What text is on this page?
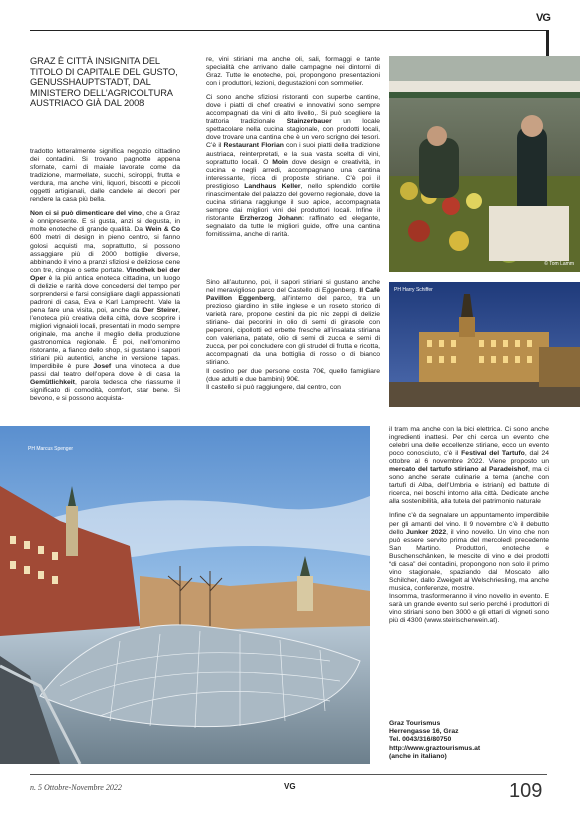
VG
GRAZ È CITTÀ INSIGNITA DEL TITOLO DI CAPITALE DEL GUSTO, GENUSSHAUPTSTADT, DAL MINISTERO DELL’AGRICOLTURA AUSTRIACO GIÀ DAL 2008

tradotto letteralmente significa negozio cittadino dei contadini. Si trovano pagnotte appena sfornate, carni di maiale lavorate come da tradizione, marmellate, succhi, sciroppi, frutta e verdura, ma anche vini, liquori, biscotti e piccoli oggetti artigianali, dalle candele ai decori per rendere la casa più bella.

Non ci si può dimenticare del vino, che a Graz è onnipresente. E si gusta, anzi si degusta, in molte enoteche di grande qualità. Da Wein & Co 600 metri di design in pieno centro, si fanno golosi acquisti ma, soprattutto, si possono assaggiare più di 2000 bottiglie diverse, abbinando il vino a pranzi sfiziosi e deliziose cene con tre, cinque o sette portate. Vinothek bei der Oper è la più antica enoteca cittadina, un luogo di delizie e rarità dove concedersi del tempo per sorprendersi e farsi consigliare dagli appassionati padroni di casa, Eva e Karl Lamprecht. Vale la pena fare una visita, poi, anche da Der Steirer, l’enoteca più creativa della città, dove scoprire i migliori vignaioli locali, presentati in modo sempre originale, ma anche il meglio della produzione gastronomica regionale. È poi, nell’omonimo ristorante, a fianco dello shop, si gustano i sapori stiriani più autentici, anche in versione tapas. Imperdibile è pure Josef una vinoteca a due passi dal teatro dell’opera dove è di casa la Gemütlichkeit, parola tedesca che riassume il significato di comodità, comfort, star bene. Si bevono, e si possono acquista-

re, vini stiriani ma anche oli, sali, formaggi e tante specialità che arrivano dalle campagne nei dintorni di Graz. Tutte le enoteche, poi, propongono presentazioni con i produttori, lezioni, degustazioni con sommelier.

Ci sono anche sfiziosi ristoranti con superbe cantine, dove i piatti di chef creativi e innovativi sono sempre accompagnati da vini di alto livello,. Si può scegliere la trattoria tradizionale Stainzerbauer un locale spettacolare nella cucina stagionale, con prodotti locali, dove trovare una cantina che è un vero scrigno dei tesori. C’è il Restaurant Florian con i suoi piatti della tradizione austriaca, reinterpretati, e la sua vasta scelta di vini, soprattutto locali. O Moin dove design e creatività, in cucina e negli arredi, accompagnano una cantina interessante, ricca di proposte stiriane. C’è poi il prestigioso Landhaus Keller, nello splendido cortile rinascimentale del palazzo del governo regionale, dove la cucina stiriana raggiunge il suo apice, accompagnata sempre dai migliori vini dei produttori locali. Infine il ristorante Erzherzog Johann: raffinato ed elegante, segnalato da tutte le migliori guide, offre una cantina fornitissima, anche di rarità.

Sino all’autunno, poi, il sapori stiriani si gustano anche nel meraviglioso parco del Castello di Eggenberg. Il Cafè Pavillon Eggenberg, all’interno del parco, tra un prezioso giardino in stile inglese e un roseto storico di varietà rare, propone cestini da pic nic zeppi di delizie stiriane- dai pecorini in olio di semi di girasole con peperoni, cipollotti ed erbette fresche all’insalata stiriana con valeriana, patate, olio di semi di zucca e semi di zucca, per poi concludere con gli strudel di frutta e ricotta, accompagnati da una bottiglia di rosso o di bianco stiriano.
Il cestino per due persone costa 70€, quello famigliare (due adulti e due bambini) 90€.
Il castello si può raggiungere, dal centro, con

© Tom Lamm
PH Harry Schiffer
PH Marcus Spenger

il tram ma anche con la bici elettrica. Ci sono anche ingredienti inattesi. Per chi cerca un evento che celebri una delle eccellenze stiriane, ecco un evento poco conosciuto, c’è il Festival del Tartufo, dal 24 ottobre al 6 novembre 2022. Viene proposto un mercato del tartufo stiriano al Paradeishof, ma ci sono anche serate culinarie a tema (anche con tartufi di Alba, dell’Umbria e istriani) ed battute di ricerca, nei boschi intorno alla città. Dedicate anche alla sostenibilità, alla tutela del patrimonio naturale

Infine c’è da segnalare un appuntamento imperdibile per gli amanti del vino. Il 9 novembre c’è il debutto dello Junker 2022, il vino novello. Un vino che non può essere servito prima del mercoledì precedente San Martino. Produttori, enoteche e Buschenschänken, le mescite di vino e dei prodotti “di casa” dei contadini, propongono non solo il primo vino stagionale, spaziando dal Moscato allo Schilcher, dallo Zweigelt al Welschriesling, ma anche musica, conferenze, mostre.
Insomma, trasformeranno il vino novello in evento. E sarà un grande evento sul serio perché i produttori di vino stiriani sono ben 3000 e gli ettari di vigneti sono più di 4300 (www.steirischerwein.at).

Graz Tourismus
Herrengasse 16, Graz
Tel. 0043/316/80750
http://www.graztourismus.at
(anche in italiano)
n. 5 Ottobre-Novembre 2022	VG	109
